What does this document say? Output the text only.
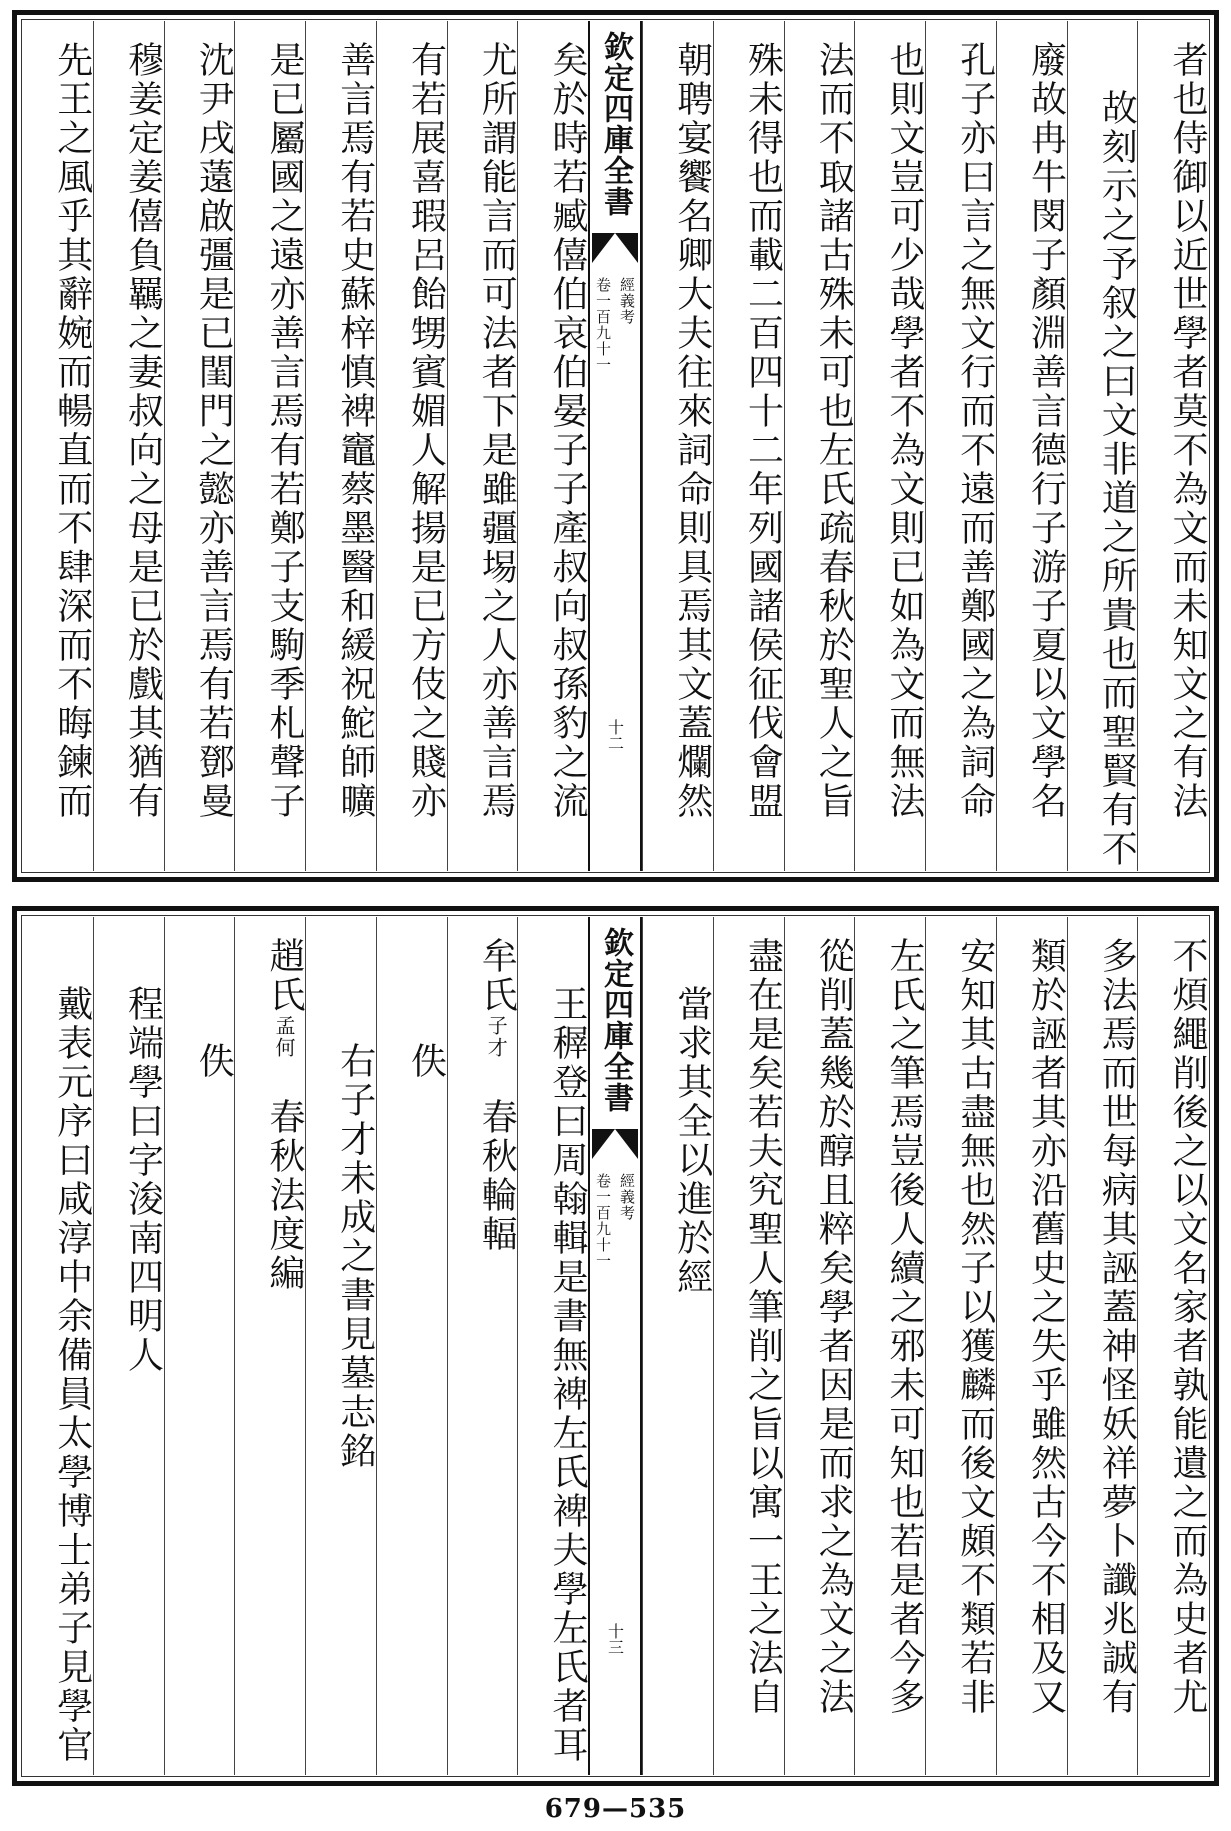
者也侍御以近世學者莫不為文而未知文之有法
故刻示之予叙之曰文非道之所貴也而聖賢有不
廢故冉牛閔子顏淵善言德行子游子夏以文學名
孔子亦曰言之無文行而不遠而善鄭國之為詞命
也則文豈可少哉學者不為文則已如為文而無法
法而不取諸古殊未可也左氏疏春秋於聖人之旨
殊未得也而載二百四十二年列國諸侯征伐會盟
朝聘宴饗名卿大夫往來詞命則具焉其文蓋爛然
欽定四庫全書
經義考
卷一百九十一
十二
矣於時若臧僖伯哀伯晏子子產叔向叔孫豹之流
尤所謂能言而可法者下是雖疆埸之人亦善言焉
有若展喜瑕呂飴甥賓媚人解揚是已方伎之賤亦
善言焉有若史蘇梓慎裨竈蔡墨醫和緩祝鮀師曠
是已屬國之遠亦善言焉有若鄭子支駒季札聲子
沈尹戌薳啟彊是已閨門之懿亦善言焉有若鄧曼
穆姜定姜僖負羈之妻叔向之母是已於戲其猶有
先王之風乎其辭婉而暢直而不肆深而不晦鍊而
不煩繩削後之以文名家者孰能遺之而為史者尤
多法焉而世每病其誣蓋神怪妖祥夢卜讖兆誠有
類於誣者其亦沿舊史之失乎雖然古今不相及又
安知其古盡無也然子以獲麟而後文頗不類若非
左氏之筆焉豈後人續之邪未可知也若是者今多
從削蓋幾於醇且粹矣學者因是而求之為文之法
盡在是矣若夫究聖人筆削之旨以寓一王之法自
當求其全以進於經
欽定四庫全書
經義考
卷一百九十一
十三
王稺登曰周翰輯是書無裨左氏裨夫學左氏者耳
牟氏子才　春秋輪輻
佚
右子才未成之書見墓志銘
趙氏孟何　春秋法度編
佚
程端學曰字浚南四明人
戴表元序曰咸淳中余備員太學博士弟子見學官
679—535
